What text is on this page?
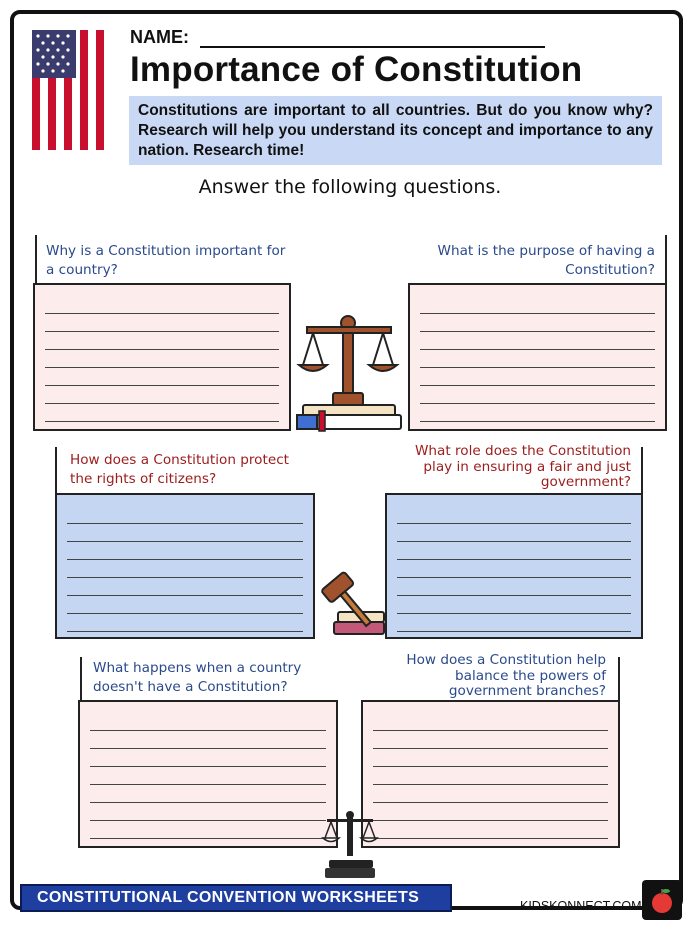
NAME:
Importance of Constitution
Constitutions are important to all countries. But do you know why? Research will help you understand its concept and importance to any nation. Research time!
Answer the following questions.
Why is a Constitution important for a country?
What is the purpose of having a Constitution?
How does a Constitution protect the rights of citizens?
What role does the Constitution play in ensuring a fair and just government?
What happens when a country doesn't have a Constitution?
How does a Constitution help balance the powers of government branches?
CONSTITUTIONAL CONVENTION WORKSHEETS	KIDSKONNECT.COM
